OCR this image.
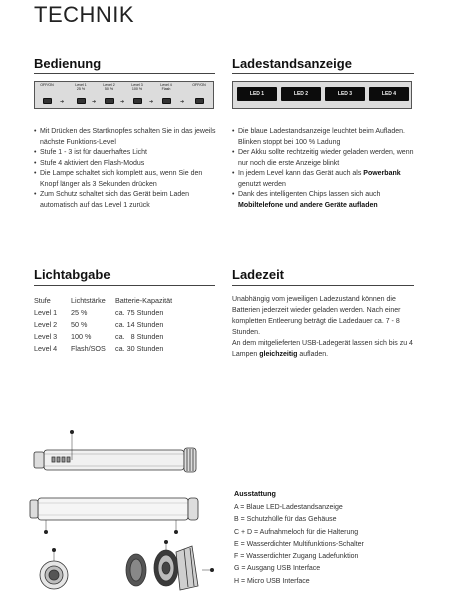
TECHNIK
Bedienung
OFF/ON	Level 1
25 %
Level 2
50 %
Level 3
100 %
Level 4
Flash
OFF/ON
➜	➜	➜	➜	➜
• Mit Drücken des Startknopfes schalten Sie in das jeweils nächste Funktions-Level
• Stufe 1 - 3 ist für dauerhaftes Licht
• Stufe 4 aktiviert den Flash-Modus
• Die Lampe schaltet sich komplett aus, wenn Sie den Knopf länger als 3 Sekunden drücken
• Zum Schutz schaltet sich das Gerät beim Laden automatisch auf das Level 1 zurück
Ladestandsanzeige
LED 1	LED 2	LED 3	LED 4
• Die blaue Ladestandsanzeige leuchtet beim Aufladen. Blinken stoppt bei 100 % Ladung
• Der Akku sollte rechtzeitig wieder geladen werden, wenn nur noch die erste Anzeige blinkt
• In jedem Level kann das Gerät auch als Powerbank genutzt werden
• Dank des intelligenten Chips lassen sich auch Mobiltelefone und andere Geräte aufladen
Lichtabgabe
Stufe	Lichtstärke	Batterie-Kapazität
Level 1	25 %	ca. 75 Stunden
Level 2	50 %	ca. 14 Stunden
Level 3	100 %	ca.   8 Stunden
Level 4	Flash/SOS	ca. 30 Stunden
Ladezeit

Unabhängig vom jeweiligen Ladezustand können die Batterien jederzeit wieder geladen werden. Nach einer kompletten Entleerung beträgt die Ladedauer ca. 7 - 8 Stunden.

An dem mitgelieferten USB-Ladegerät lassen sich bis zu 4 Lampen gleichzeitig aufladen.

Ausstattung
A = Blaue LED-Ladestandsanzeige
B = Schutzhülle für das Gehäuse
C + D = Aufnahmeloch für die Halterung
E = Wasserdichter Multifunktions-Schalter
F = Wasserdichter Zugang Ladefunktion
G = Ausgang USB Interface
H = Micro USB Interface
